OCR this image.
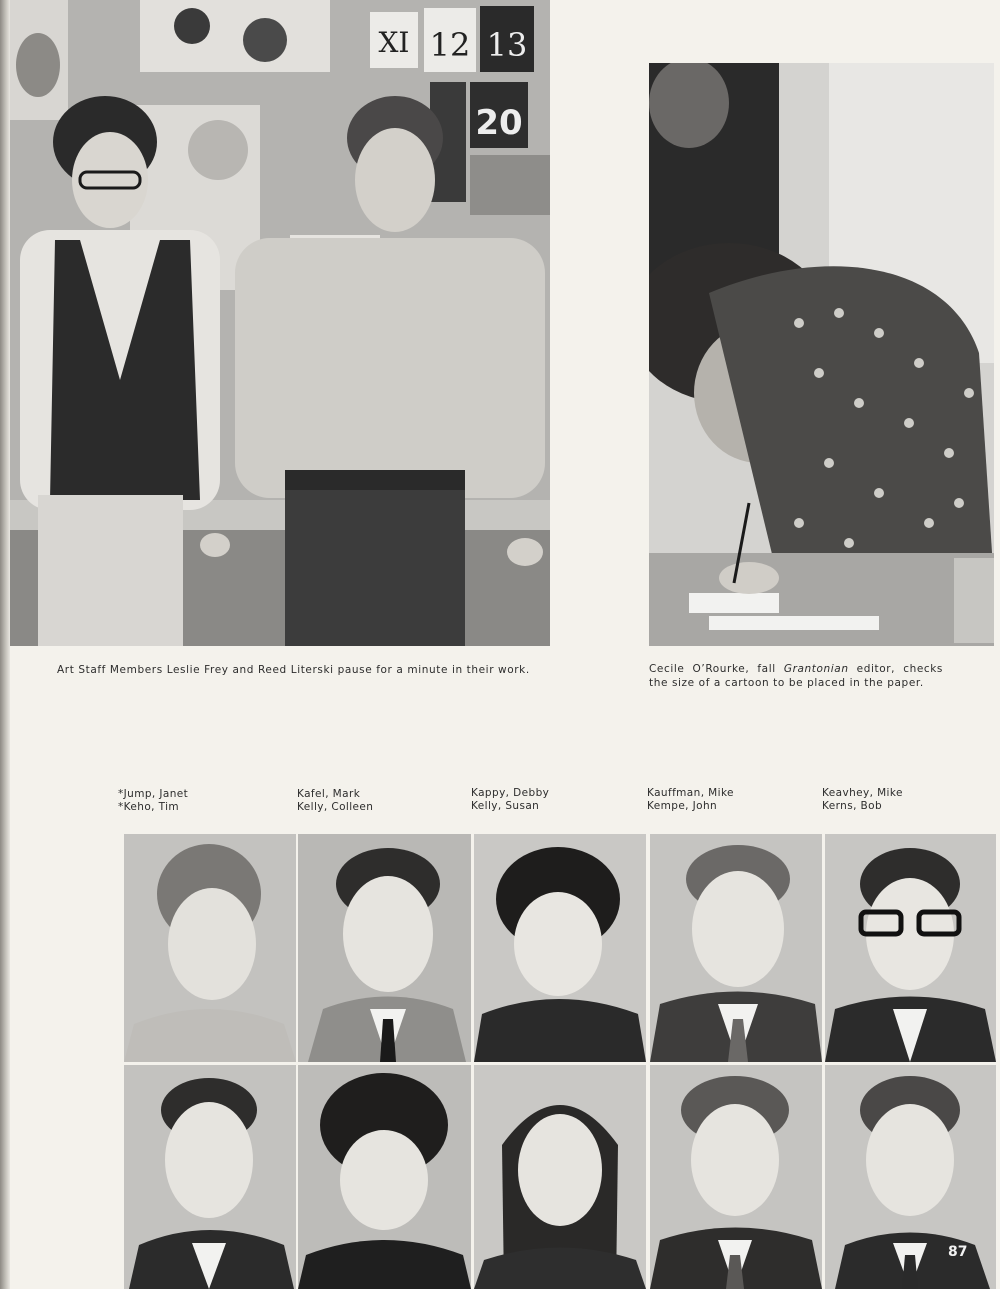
XI 12 13
20
Art Staff Members Leslie Frey and Reed Literski pause for a minute in their work.	Cecile O’Rourke, fall Grantonian editor, checks the size of a cartoon to be placed in the paper.
*Jump, Janet
*Keho, Tim
Kafel, Mark
Kelly, Colleen
Kappy, Debby
Kelly, Susan
Kauffman, Mike
Kempe, John
Keavhey, Mike
Kerns, Bob
87
